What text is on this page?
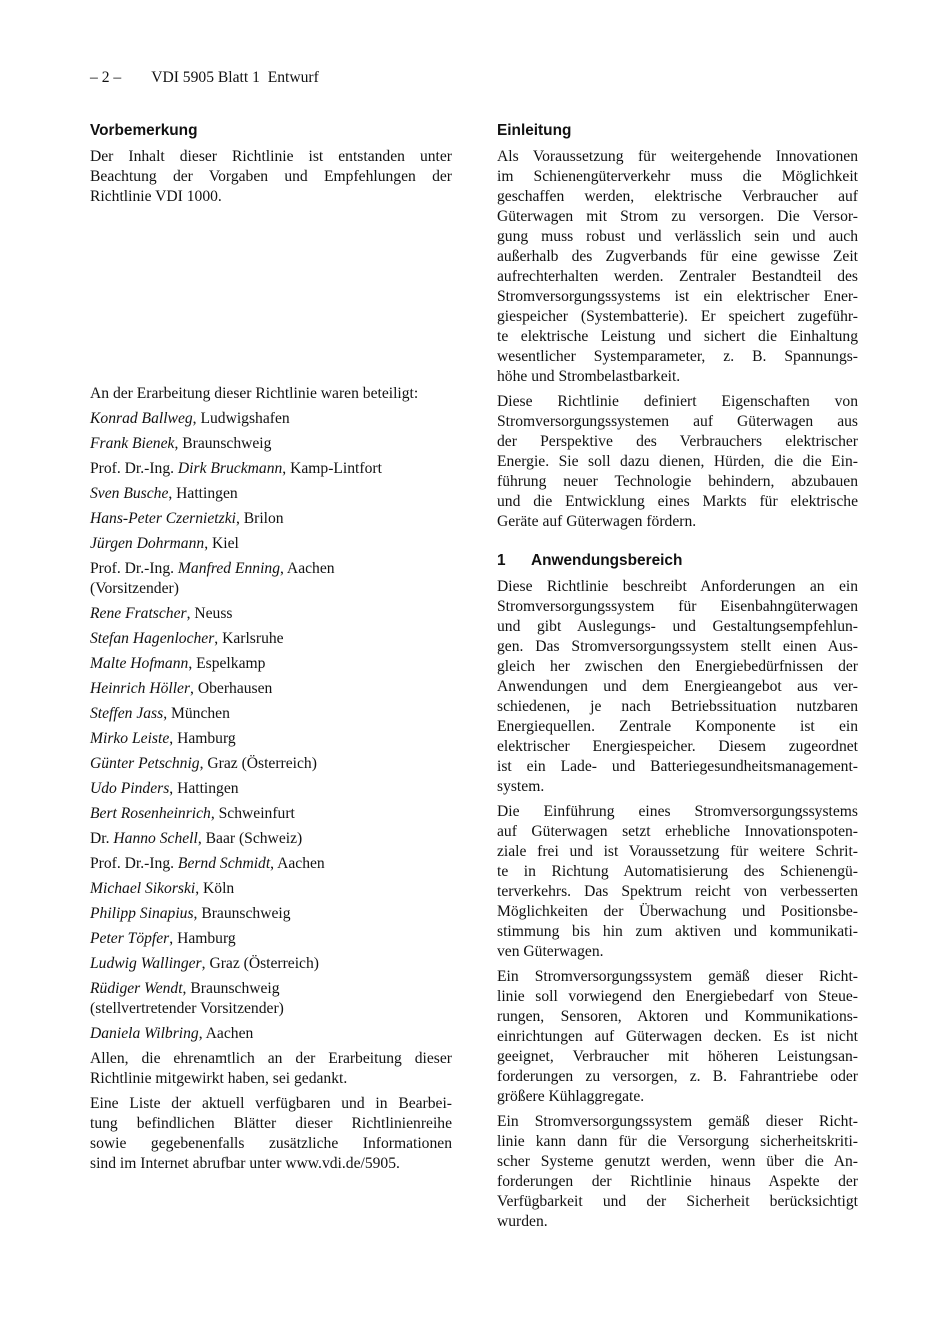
– 2 – VDI 5905 Blatt 1  Entwurf
Vorbemerkung
Der Inhalt dieser Richtlinie ist entstanden unter
Beachtung der Vorgaben und Empfehlungen der
Richtlinie VDI 1000.
An der Erarbeitung dieser Richtlinie waren beteiligt:
Konrad Ballweg, Ludwigshafen
Frank Bienek, Braunschweig
Prof. Dr.-Ing. Dirk Bruckmann, Kamp-Lintfort
Sven Busche, Hattingen
Hans-Peter Czernietzki, Brilon
Jürgen Dohrmann, Kiel
Prof. Dr.-Ing. Manfred Enning, Aachen
(Vorsitzender)
Rene Fratscher, Neuss
Stefan Hagenlocher, Karlsruhe
Malte Hofmann, Espelkamp
Heinrich Höller, Oberhausen
Steffen Jass, München
Mirko Leiste, Hamburg
Günter Petschnig, Graz (Österreich)
Udo Pinders, Hattingen
Bert Rosenheinrich, Schweinfurt
Dr. Hanno Schell, Baar (Schweiz)
Prof. Dr.-Ing. Bernd Schmidt, Aachen
Michael Sikorski, Köln
Philipp Sinapius, Braunschweig
Peter Töpfer, Hamburg
Ludwig Wallinger, Graz (Österreich)
Rüdiger Wendt, Braunschweig
(stellvertretender Vorsitzender)
Daniela Wilbring, Aachen
Allen, die ehrenamtlich an der Erarbeitung dieser
Richtlinie mitgewirkt haben, sei gedankt.
Eine Liste der aktuell verfügbaren und in Bearbei-
tung befindlichen Blätter dieser Richtlinienreihe
sowie gegebenenfalls zusätzliche Informationen
sind im Internet abrufbar unter www.vdi.de/5905.
Einleitung
Als Voraussetzung für weitergehende Innovationen
im Schienengüterverkehr muss die Möglichkeit
geschaffen werden, elektrische Verbraucher auf
Güterwagen mit Strom zu versorgen. Die Versor-
gung muss robust und verlässlich sein und auch
außerhalb des Zugverbands für eine gewisse Zeit
aufrechterhalten werden. Zentraler Bestandteil des
Stromversorgungssystems ist ein elektrischer Ener-
giespeicher (Systembatterie). Er speichert zugeführ-
te elektrische Leistung und sichert die Einhaltung
wesentlicher Systemparameter, z. B. Spannungs-
höhe und Strombelastbarkeit.
Diese Richtlinie definiert Eigenschaften von
Stromversorgungssystemen auf Güterwagen aus
der Perspektive des Verbrauchers elektrischer
Energie. Sie soll dazu dienen, Hürden, die die Ein-
führung neuer Technologie behindern, abzubauen
und die Entwicklung eines Markts für elektrische
Geräte auf Güterwagen fördern.
1 Anwendungsbereich
Diese Richtlinie beschreibt Anforderungen an ein
Stromversorgungssystem für Eisenbahngüterwagen
und gibt Auslegungs- und Gestaltungsempfehlun-
gen. Das Stromversorgungssystem stellt einen Aus-
gleich her zwischen den Energiebedürfnissen der
Anwendungen und dem Energieangebot aus ver-
schiedenen, je nach Betriebssituation nutzbaren
Energiequellen. Zentrale Komponente ist ein
elektrischer Energiespeicher. Diesem zugeordnet
ist ein Lade- und Batteriegesundheitsmanagement-
system.
Die Einführung eines Stromversorgungssystems
auf Güterwagen setzt erhebliche Innovationspoten-
ziale frei und ist Voraussetzung für weitere Schrit-
te in Richtung Automatisierung des Schienengü-
terverkehrs. Das Spektrum reicht von verbesserten
Möglichkeiten der Überwachung und Positionsbe-
stimmung bis hin zum aktiven und kommunikati-
ven Güterwagen.
Ein Stromversorgungssystem gemäß dieser Richt-
linie soll vorwiegend den Energiebedarf von Steue-
rungen, Sensoren, Aktoren und Kommunikations-
einrichtungen auf Güterwagen decken. Es ist nicht
geeignet, Verbraucher mit höheren Leistungsan-
forderungen zu versorgen, z. B. Fahrantriebe oder
größere Kühlaggregate.
Ein Stromversorgungssystem gemäß dieser Richt-
linie kann dann für die Versorgung sicherheitskriti-
scher Systeme genutzt werden, wenn über die An-
forderungen der Richtlinie hinaus Aspekte der
Verfügbarkeit und der Sicherheit berücksichtigt
wurden.
